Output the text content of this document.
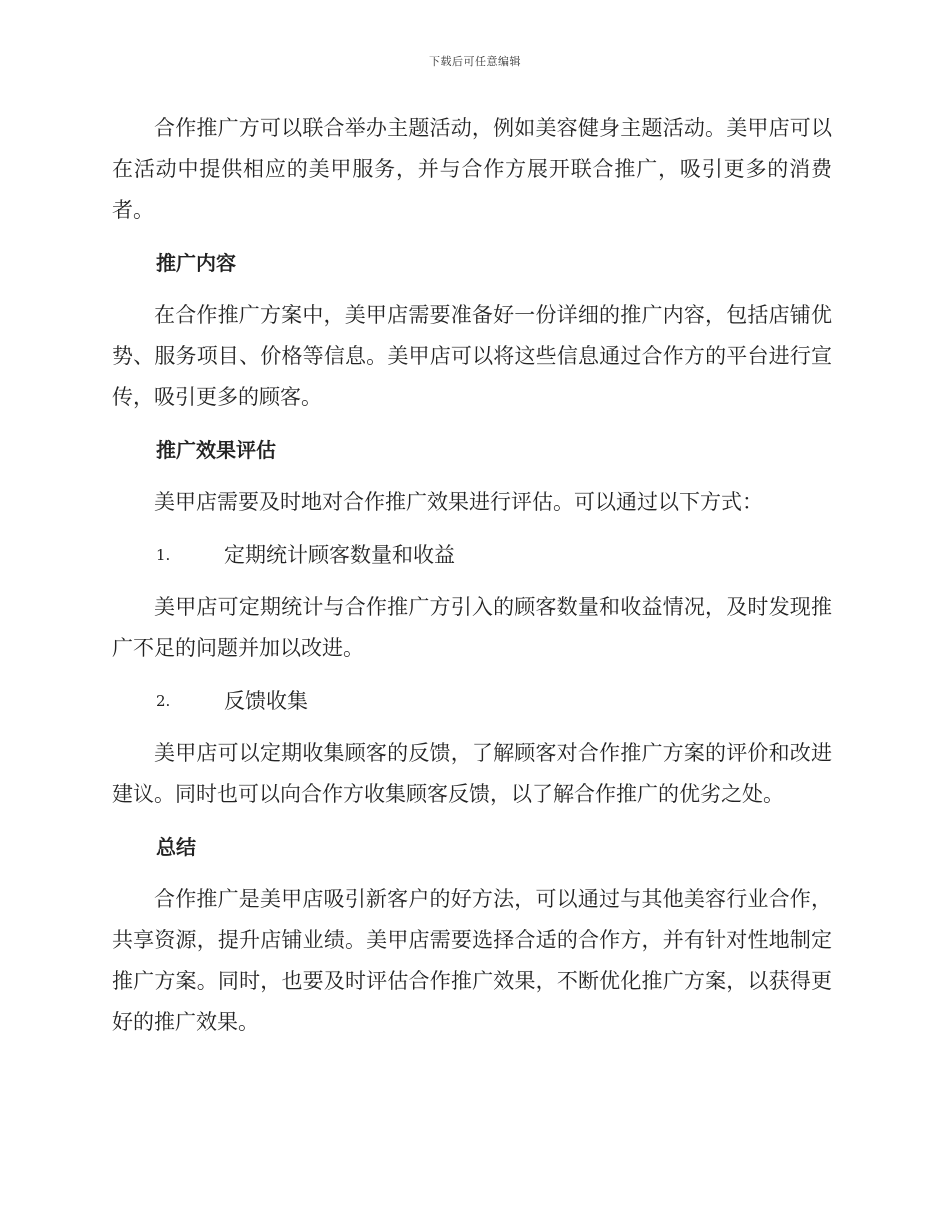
下载后可任意编辑

合作推广方可以联合举办主题活动，例如美容健身主题活动。美甲店可以在活动中提供相应的美甲服务，并与合作方展开联合推广，吸引更多的消费者。

推广内容

在合作推广方案中，美甲店需要准备好一份详细的推广内容，包括店铺优势、服务项目、价格等信息。美甲店可以将这些信息通过合作方的平台进行宣传，吸引更多的顾客。

推广效果评估

美甲店需要及时地对合作推广效果进行评估。可以通过以下方式：

1.	定期统计顾客数量和收益

美甲店可定期统计与合作推广方引入的顾客数量和收益情况，及时发现推广不足的问题并加以改进。

2.	反馈收集

美甲店可以定期收集顾客的反馈，了解顾客对合作推广方案的评价和改进建议。同时也可以向合作方收集顾客反馈，以了解合作推广的优劣之处。

总结

合作推广是美甲店吸引新客户的好方法，可以通过与其他美容行业合作，共享资源，提升店铺业绩。美甲店需要选择合适的合作方，并有针对性地制定推广方案。同时，也要及时评估合作推广效果，不断优化推广方案，以获得更好的推广效果。
